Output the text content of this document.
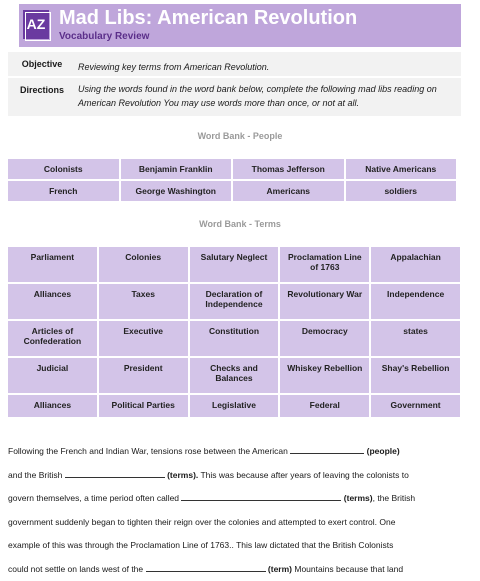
AZ Mad Libs: American Revolution
Vocabulary Review
Objective	Reviewing key terms from American Revolution.
Directions	Using the words found in the word bank below, complete the following mad libs reading on American Revolution You may use words more than once, or not at all.
Word Bank - People
Colonists	Benjamin Franklin	Thomas Jefferson	Native Americans
French	George Washington	Americans	soldiers
Word Bank - Terms
Parliament	Colonies	Salutary Neglect	Proclamation Line of 1763	Appalachian
Alliances	Taxes	Declaration of Independence	Revolutionary War	Independence
Articles of Confederation	Executive	Constitution	Democracy	states
Judicial	President	Checks and Balances	Whiskey Rebellion	Shay's Rebellion
Alliances	Political Parties	Legislative	Federal	Government
Following the French and Indian War, tensions rose between the American	(people)
and the British	(terms). This was because after years of leaving the colonists to
govern themselves, a time period often called	(terms), the British
government suddenly began to tighten their reign over the colonies and attempted to exert control. One
example of this was through the Proclamation Line of 1763.. This law dictated that the British Colonists
could not settle on lands west of the	(term) Mountains because that land
